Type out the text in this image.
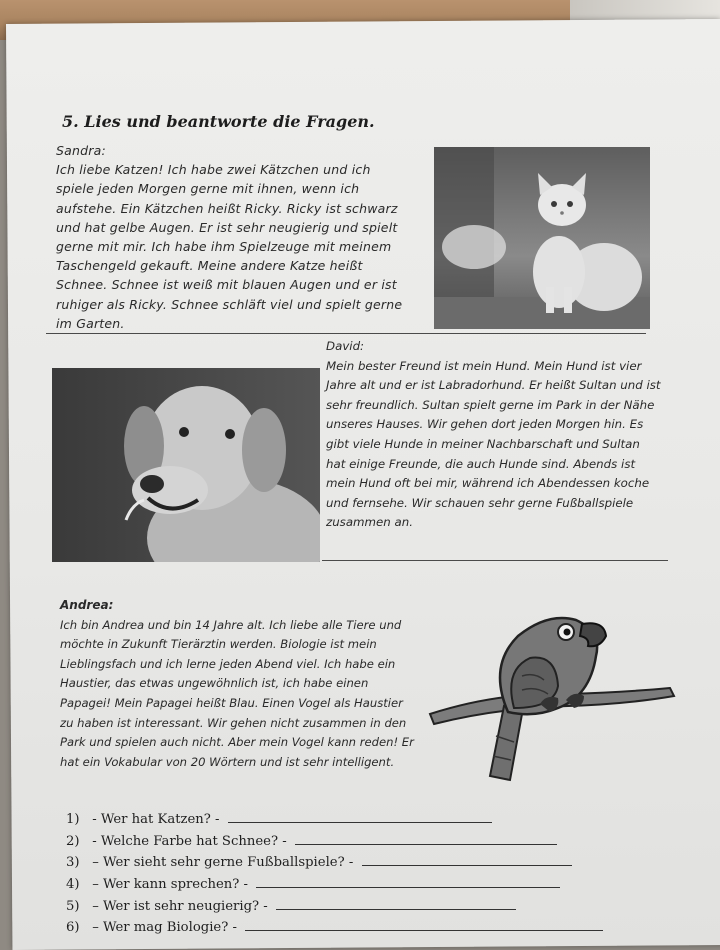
5. Lies und beantworte die Fragen.
Sandra:

Ich liebe Katzen! Ich habe zwei Kätzchen und ich

spiele jeden Morgen gerne mit ihnen, wenn ich

aufstehe. Ein Kätzchen heißt Ricky. Ricky ist schwarz

und hat gelbe Augen. Er ist sehr neugierig und spielt

gerne mit mir. Ich habe ihm Spielzeuge mit meinem

Taschengeld gekauft. Meine andere Katze heißt

Schnee. Schnee ist weiß mit blauen Augen und er ist

ruhiger als Ricky. Schnee schläft viel und spielt gerne

im Garten.

David:

Mein bester Freund ist mein Hund. Mein Hund ist vier

Jahre alt und er ist Labradorhund. Er heißt Sultan und ist

sehr freundlich. Sultan spielt gerne im Park in der Nähe

unseres Hauses. Wir gehen dort jeden Morgen hin. Es

gibt viele Hunde in meiner Nachbarschaft und Sultan

hat einige Freunde, die auch Hunde sind. Abends ist

mein Hund oft bei mir, während ich Abendessen koche

und fernsehe. Wir schauen sehr gerne Fußballspiele

zusammen an.

Andrea:

Ich bin Andrea und bin 14 Jahre alt. Ich liebe alle Tiere und

möchte in Zukunft Tierärztin werden. Biologie ist mein

Lieblingsfach und ich lerne jeden Abend viel. Ich habe ein

Haustier, das etwas ungewöhnlich ist, ich habe einen

Papagei! Mein Papagei heißt Blau. Einen Vogel als Haustier

zu haben ist interessant. Wir gehen nicht zusammen in den

Park und spielen auch nicht. Aber mein Vogel kann reden! Er

hat ein Vokabular von 20 Wörtern und ist sehr intelligent.

1) - Wer hat Katzen? -
2) - Welche Farbe hat Schnee? -
3) – Wer sieht sehr gerne Fußballspiele? -
4) – Wer kann sprechen? -
5) – Wer ist sehr neugierig? -
6) – Wer mag Biologie? -
